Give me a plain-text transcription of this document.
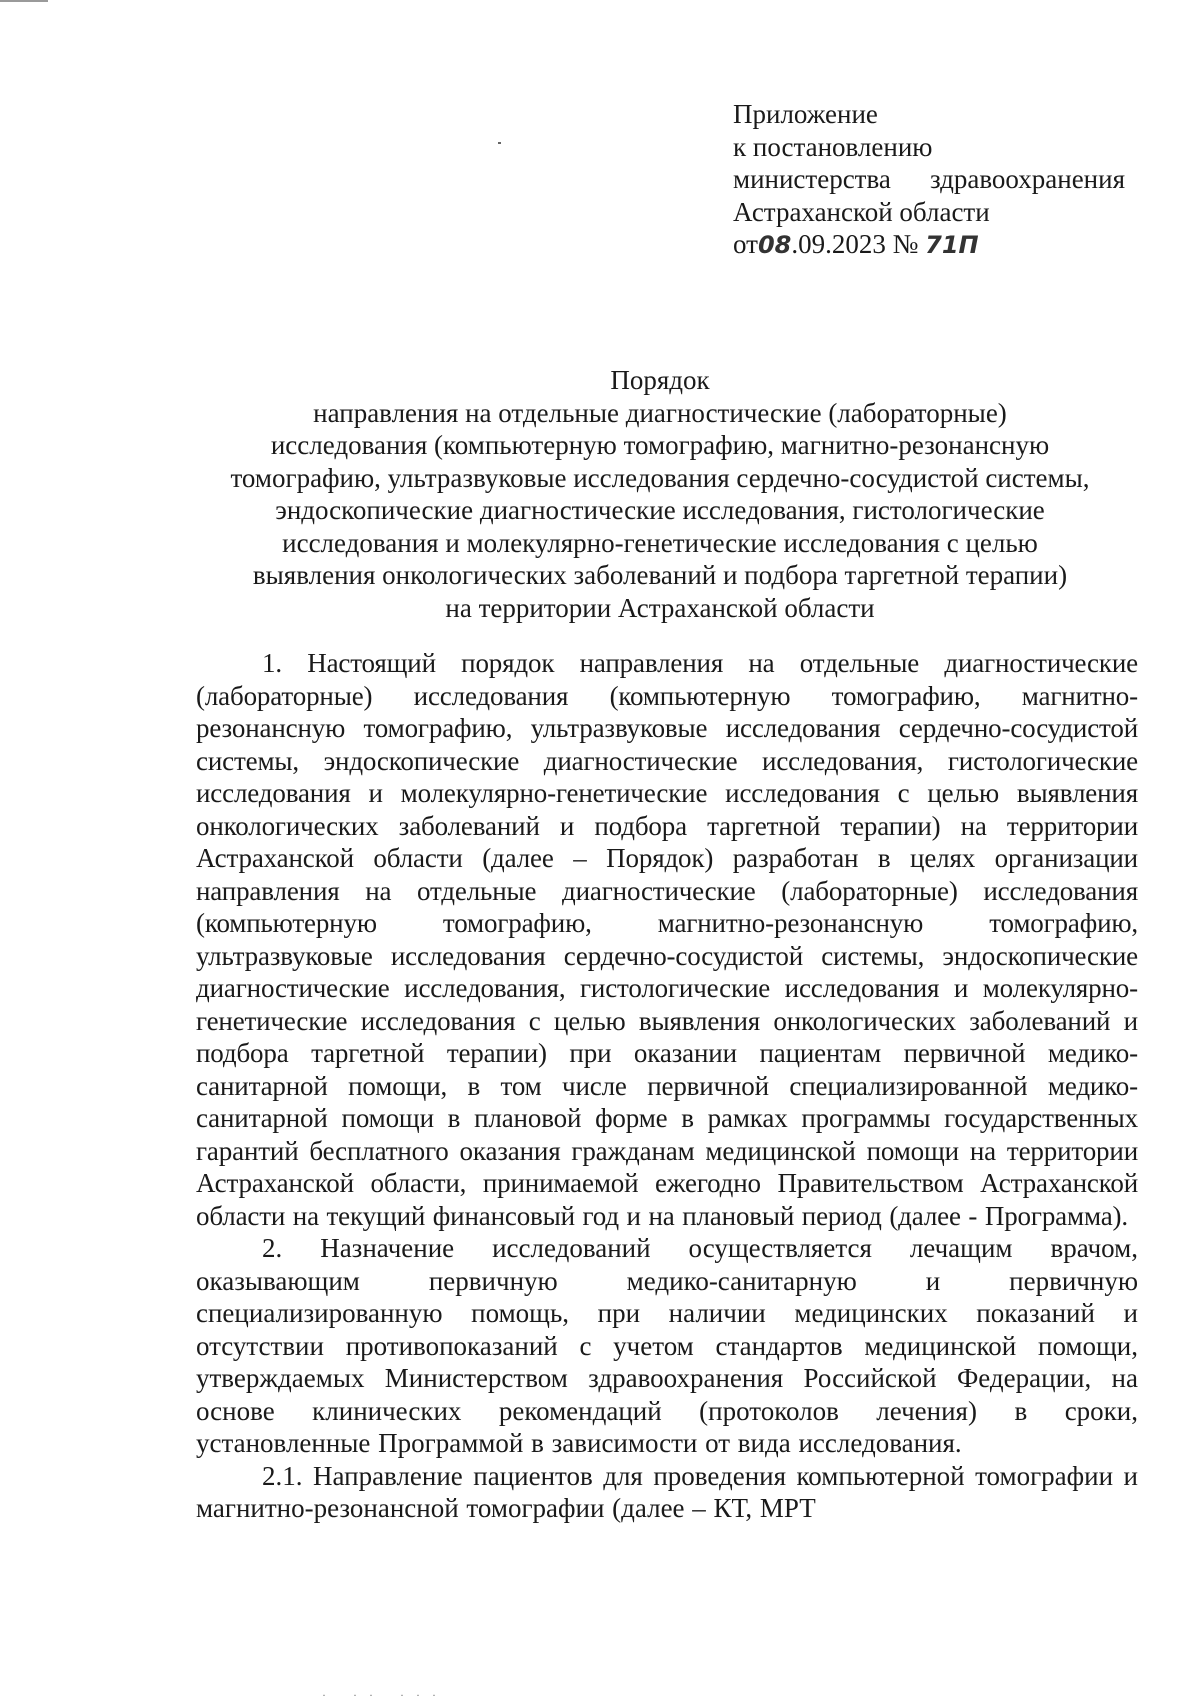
Приложение
к постановлению
министерства здравоохранения
Астраханской области
от08.09.2023 № 71П
Порядок
направления на отдельные диагностические (лабораторные)
исследования (компьютерную томографию, магнитно-резонансную
томографию, ультразвуковые исследования сердечно-сосудистой системы,
эндоскопические диагностические исследования, гистологические
исследования и молекулярно-генетические исследования с целью
выявления онкологических заболеваний и подбора таргетной терапии)
на территории Астраханской области

1. Настоящий порядок направления на отдельные диагностические (лабораторные) исследования (компьютерную томографию, магнитно-резонансную томографию, ультразвуковые исследования сердечно-сосудистой системы, эндоскопические диагностические исследования, гистологические исследования и молекулярно-генетические исследования с целью выявления онкологических заболеваний и подбора таргетной терапии) на территории Астраханской области (далее – Порядок) разработан в целях организации направления на отдельные диагностические (лабораторные) исследования (компьютерную томографию, магнитно-резонансную томографию, ультразвуковые исследования сердечно-сосудистой системы, эндоскопические диагностические исследования, гистологические исследования и молекулярно-генетические исследования с целью выявления онкологических заболеваний и подбора таргетной терапии) при оказании пациентам первичной медико-санитарной помощи, в том числе первичной специализированной медико-санитарной помощи в плановой форме в рамках программы государственных гарантий бесплатного оказания гражданам медицинской помощи на территории Астраханской области, принимаемой ежегодно Правительством Астраханской области на текущий финансовый год и на плановый период (далее - Программа).

2. Назначение исследований осуществляется лечащим врачом, оказывающим первичную медико-санитарную и первичную специализированную помощь, при наличии медицинских показаний и отсутствии противопоказаний с учетом стандартов медицинской помощи, утверждаемых Министерством здравоохранения Российской Федерации, на основе клинических рекомендаций (протоколов лечения) в сроки, установленные Программой в зависимости от вида исследования.

2.1. Направление пациентов для проведения компьютерной томографии и магнитно-резонансной томографии (далее – КТ, МРТ

· ·· ···
